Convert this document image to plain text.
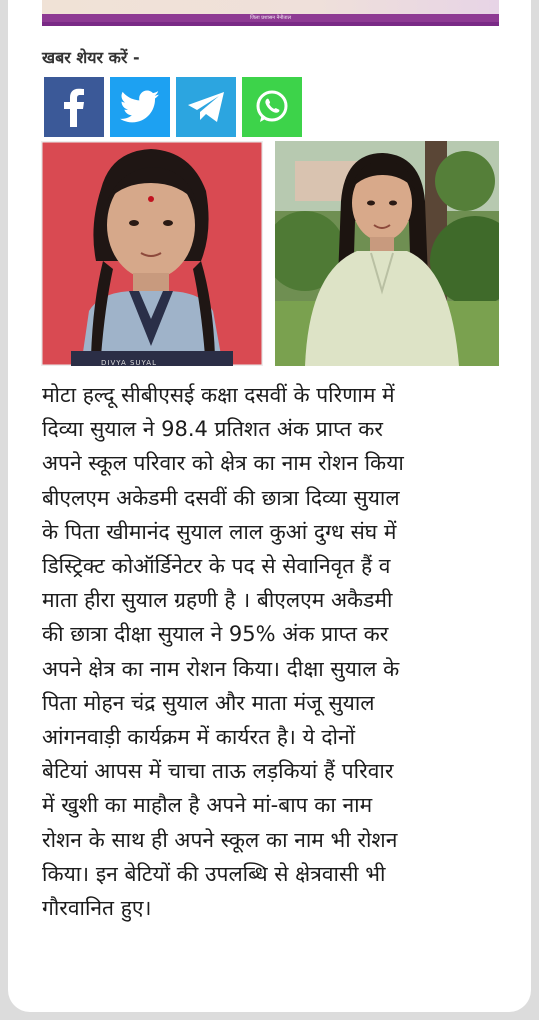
जिला प्रशासन नैनीताल
खबर शेयर करें -
DIVYA SUYAL
मोटा हल्दू सीबीएसई कक्षा दसवीं के परिणाम में
दिव्या सुयाल ने 98.4 प्रतिशत अंक प्राप्त कर
अपने स्कूल परिवार को क्षेत्र का नाम रोशन किया
बीएलएम अकेडमी दसवीं की छात्रा दिव्या सुयाल
के पिता खीमानंद सुयाल लाल कुआं दुग्ध संघ में
डिस्ट्रिक्ट कोऑर्डिनेटर के पद से सेवानिवृत हैं व
माता हीरा सुयाल ग्रहणी है । बीएलएम अकैडमी
की छात्रा दीक्षा सुयाल ने 95% अंक प्राप्त कर
अपने क्षेत्र का नाम रोशन किया। दीक्षा सुयाल के
पिता मोहन चंद्र सुयाल और माता मंजू सुयाल
आंगनवाड़ी कार्यक्रम में कार्यरत है। ये दोनों
बेटियां आपस में चाचा ताऊ लड़कियां हैं परिवार
में खुशी का माहौल है अपने मां-बाप का नाम
रोशन के साथ ही अपने स्कूल का नाम भी रोशन
किया। इन बेटियों की उपलब्धि से क्षेत्रवासी भी
गौरवानित हुए।
